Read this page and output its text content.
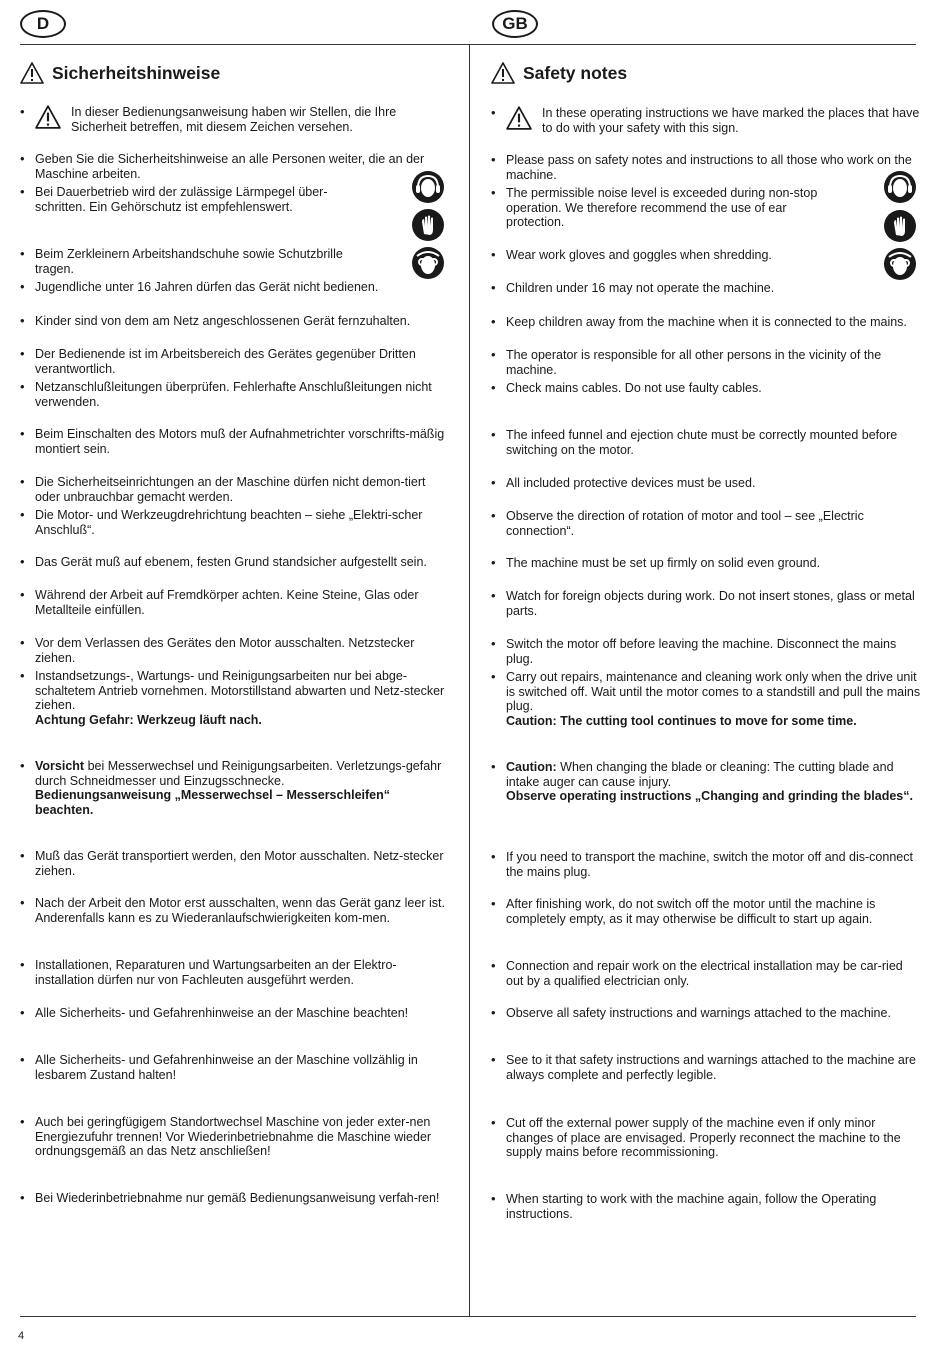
D	GB
4
Sicherheitshinweise
• In dieser Bedienungsanweisung haben wir Stellen, die Ihre Sicherheit betreffen, mit diesem Zeichen versehen.
• Geben Sie die Sicherheitshinweise an alle Personen weiter, die an der Maschine arbeiten.
• Bei Dauerbetrieb wird der zulässige Lärmpegel über-schritten. Ein Gehörschutz ist empfehlenswert.
• Beim Zerkleinern Arbeitshandschuhe sowie Schutzbrille tragen.
• Jugendliche unter 16 Jahren dürfen das Gerät nicht bedienen.
• Kinder sind von dem am Netz angeschlossenen Gerät fernzuhalten.
• Der Bedienende ist im Arbeitsbereich des Gerätes gegenüber Dritten verantwortlich.
• Netzanschlußleitungen überprüfen. Fehlerhafte Anschlußleitungen nicht verwenden.
• Beim Einschalten des Motors muß der Aufnahmetrichter vorschrifts-mäßig montiert sein.
• Die Sicherheitseinrichtungen an der Maschine dürfen nicht demon-tiert oder unbrauchbar gemacht werden.
• Die Motor- und Werkzeugdrehrichtung beachten – siehe „Elektri-scher Anschluß“.
• Das Gerät muß auf ebenem, festen Grund standsicher aufgestellt sein.
• Während der Arbeit auf Fremdkörper achten. Keine Steine, Glas oder Metallteile einfüllen.
• Vor dem Verlassen des Gerätes den Motor ausschalten. Netzstecker ziehen.
• Instandsetzungs-, Wartungs- und Reinigungsarbeiten nur bei abge-schaltetem Antrieb vornehmen. Motorstillstand abwarten und Netz-stecker ziehen.
Achtung Gefahr: Werkzeug läuft nach.
• Vorsicht bei Messerwechsel und Reinigungsarbeiten. Verletzungs-gefahr durch Schneidmesser und Einzugsschnecke.
Bedienungsanweisung „Messerwechsel – Messerschleifen“ beachten.
• Muß das Gerät transportiert werden, den Motor ausschalten. Netz-stecker ziehen.
• Nach der Arbeit den Motor erst ausschalten, wenn das Gerät ganz leer ist. Anderenfalls kann es zu Wiederanlaufschwierigkeiten kom-men.
• Installationen, Reparaturen und Wartungsarbeiten an der Elektro-installation dürfen nur von Fachleuten ausgeführt werden.
• Alle Sicherheits- und Gefahrenhinweise an der Maschine beachten!
• Alle Sicherheits- und Gefahrenhinweise an der Maschine vollzählig in lesbarem Zustand halten!
• Auch bei geringfügigem Standortwechsel Maschine von jeder exter-nen Energiezufuhr trennen! Vor Wiederinbetriebnahme die Maschine wieder ordnungsgemäß an das Netz anschließen!
• Bei Wiederinbetriebnahme nur gemäß Bedienungsanweisung verfah-ren!
Safety notes
• In these operating instructions we have marked the places that have to do with your safety with this sign.
• Please pass on safety notes and instructions to all those who work on the machine.
• The permissible noise level is exceeded during non-stop operation. We therefore recommend the use of ear protection.
• Wear work gloves and goggles when shredding.
• Children under 16 may not operate the machine.
• Keep children away from the machine when it is connected to the mains.
• The operator is responsible for all other persons in the vicinity of the machine.
• Check mains cables. Do not use faulty cables.
• The infeed funnel and ejection chute must be correctly mounted before switching on the motor.
• All included protective devices must be used.
• Observe the direction of rotation of motor and tool – see „Electric connection“.
• The machine must be set up firmly on solid even ground.
• Watch for foreign objects during work. Do not insert stones, glass or metal parts.
• Switch the motor off before leaving the machine. Disconnect the mains plug.
• Carry out repairs, maintenance and cleaning work only when the drive unit is switched off. Wait until the motor comes to a standstill and pull the mains plug.
Caution: The cutting tool continues to move for some time.
• Caution: When changing the blade or cleaning: The cutting blade and intake auger can cause injury.
Observe operating instructions „Changing and grinding the blades“.
• If you need to transport the machine, switch the motor off and dis-connect the mains plug.
• After finishing work, do not switch off the motor until the machine is completely empty, as it may otherwise be difficult to start up again.
• Connection and repair work on the electrical installation may be car-ried out by a qualified electrician only.
• Observe all safety instructions and warnings attached to the machine.
• See to it that safety instructions and warnings attached to the machine are always complete and perfectly legible.
• Cut off the external power supply of the machine even if only minor changes of place are envisaged. Properly reconnect the machine to the supply mains before recommissioning.
• When starting to work with the machine again, follow the Operating instructions.
